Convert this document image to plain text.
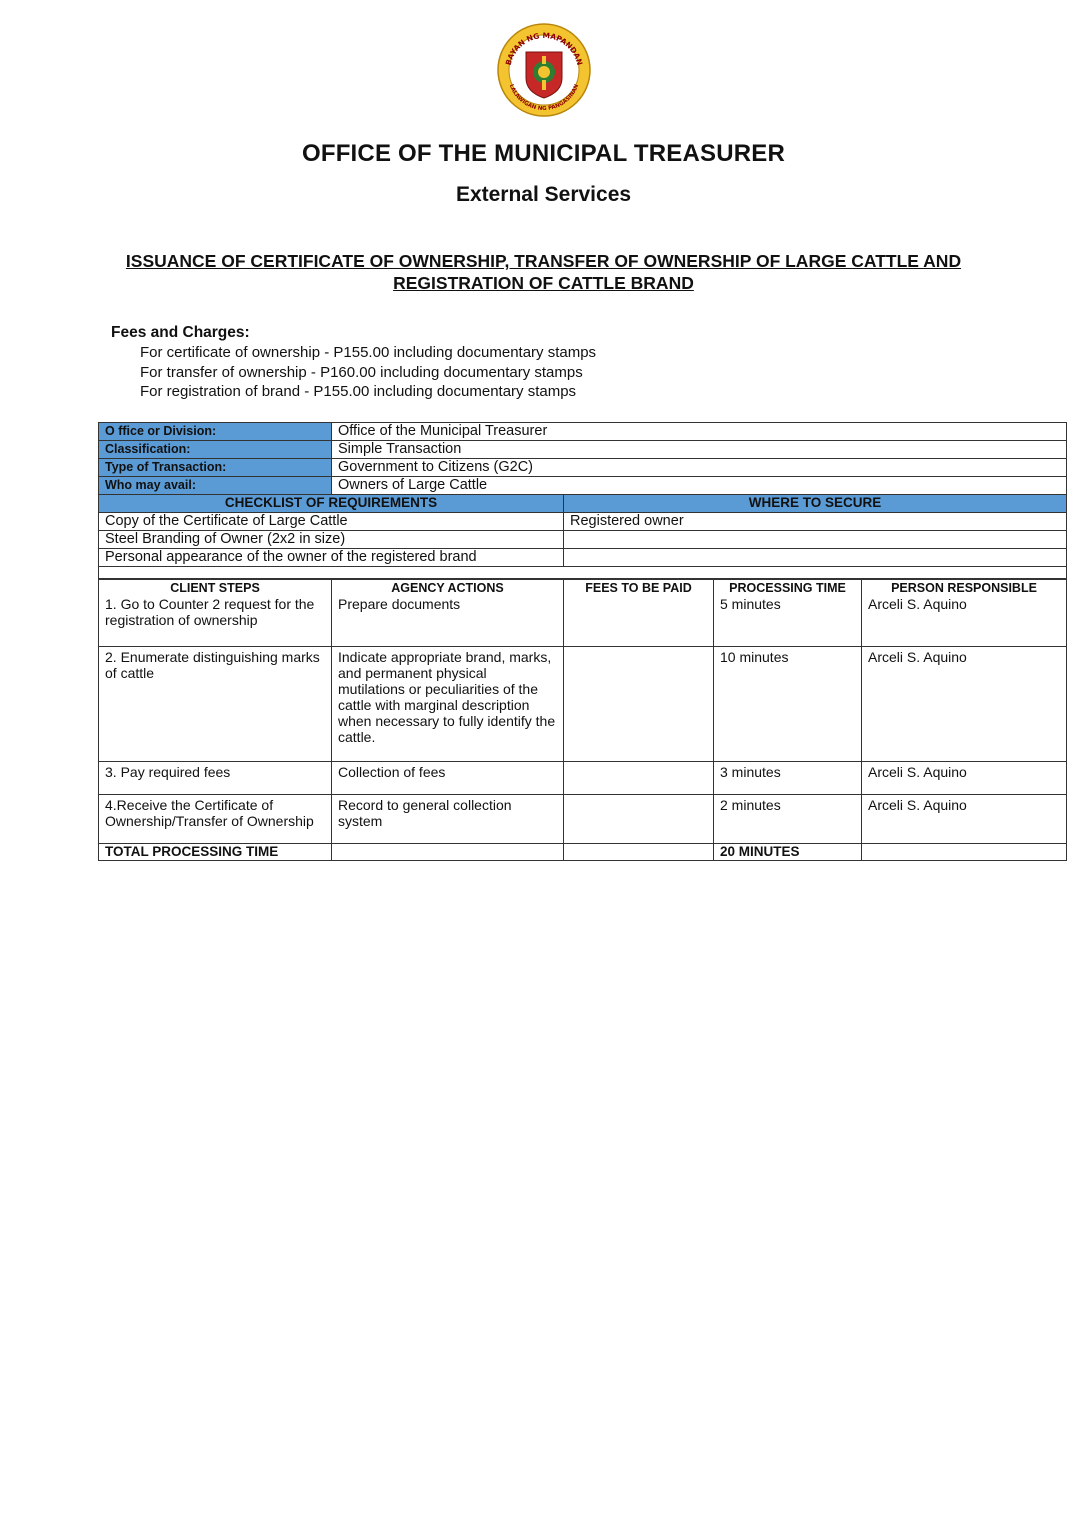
BAYAN NG MAPANDAN
LALAWIGAN NG PANGASINAN
OFFICE OF THE MUNICIPAL TREASURER
External Services
ISSUANCE OF CERTIFICATE OF OWNERSHIP, TRANSFER OF OWNERSHIP OF LARGE CATTLE AND
REGISTRATION OF CATTLE BRAND
Fees and Charges:
For certificate of ownership - P155.00 including documentary stamps
For transfer of ownership - P160.00 including documentary stamps
For registration of brand - P155.00 including documentary stamps
O ffice or Division:	Office of the Municipal Treasurer	
Classification:	Simple Transaction	
Type of Transaction:	Government to Citizens (G2C)	
Who may avail:	Owners of Large Cattle	
CHECKLIST OF REQUIREMENTS		WHERE TO SECURE
Copy of the Certificate of Large Cattle		Registered owner
Steel Branding of Owner (2x2 in size)		
Personal appearance of the owner of the registered brand		

CLIENT STEPS	AGENCY ACTIONS	FEES TO BE PAID	PROCESSING TIME	PERSON RESPONSIBLE
1. Go to Counter 2 request for the registration of ownership	Prepare documents		5 minutes	Arceli S. Aquino
2. Enumerate distinguishing marks of cattle	Indicate appropriate brand, marks, and permanent physical mutilations or peculiarities of the cattle with marginal description when necessary to fully identify the cattle.		10 minutes	Arceli S. Aquino
3. Pay required fees	Collection of fees		3 minutes	Arceli S. Aquino
4.Receive the Certificate of Ownership/Transfer of Ownership	Record to general collection system		2 minutes	Arceli S. Aquino
TOTAL PROCESSING TIME			20 MINUTES	
